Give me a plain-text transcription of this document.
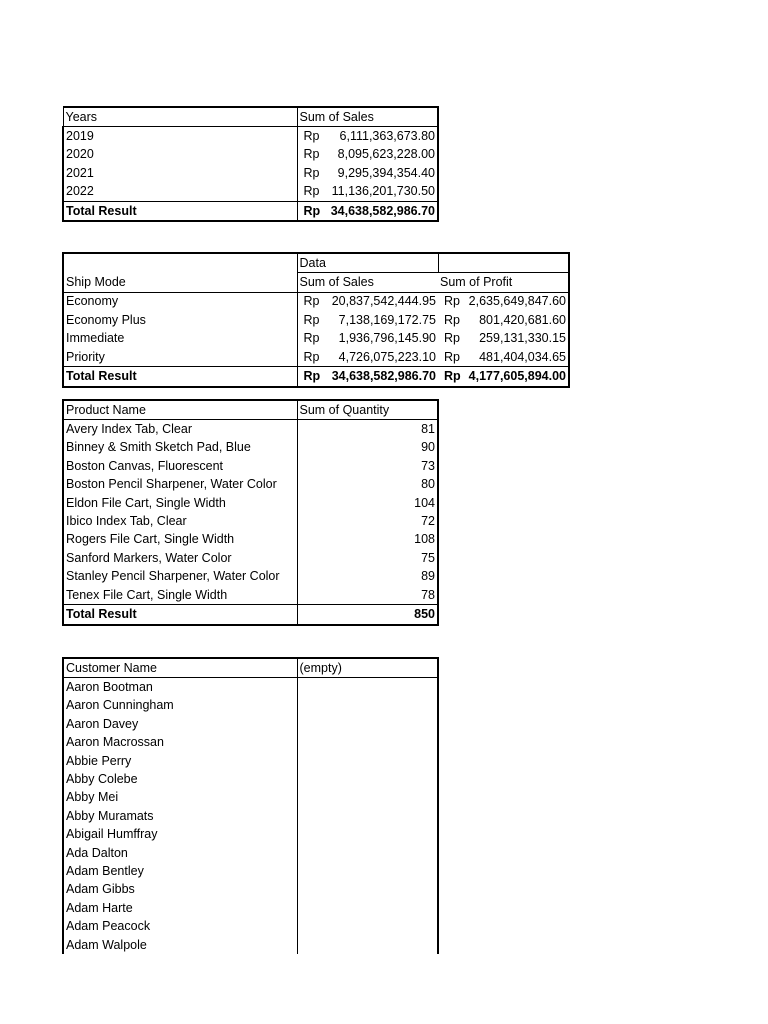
Years	Sum of Sales
2019	Rp 6,111,363,673.80

2020	Rp 8,095,623,228.00

2021	Rp 9,295,394,354.40

2022	Rp 11,136,201,730.50

Total Result	Rp 34,638,582,986.70
	Data	
Ship Mode	Sum of Sales	Sum of Profit
Economy	Rp 20,837,542,444.95	Rp 2,635,649,847.60

Economy Plus	Rp 7,138,169,172.75	Rp 801,420,681.60

Immediate	Rp 1,936,796,145.90	Rp 259,131,330.15

Priority	Rp 4,726,075,223.10	Rp 481,404,034.65

Total Result	Rp 34,638,582,986.70	Rp 4,177,605,894.00
Product Name	Sum of Quantity
Avery Index Tab, Clear	81
Binney & Smith Sketch Pad, Blue	90
Boston Canvas, Fluorescent	73
Boston Pencil Sharpener, Water Color	80
Eldon File Cart, Single Width	104
Ibico Index Tab, Clear	72
Rogers File Cart, Single Width	108
Sanford Markers, Water Color	75
Stanley Pencil Sharpener, Water Color	89
Tenex File Cart, Single Width	78
Total Result	850
Customer Name	(empty)
Aaron Bootman	
Aaron Cunningham	
Aaron Davey	
Aaron Macrossan	
Abbie Perry	
Abby Colebe	
Abby Mei	
Abby Muramats	
Abigail Humffray	
Ada Dalton	
Adam Bentley	
Adam Gibbs	
Adam Harte	
Adam Peacock	
Adam Walpole	
